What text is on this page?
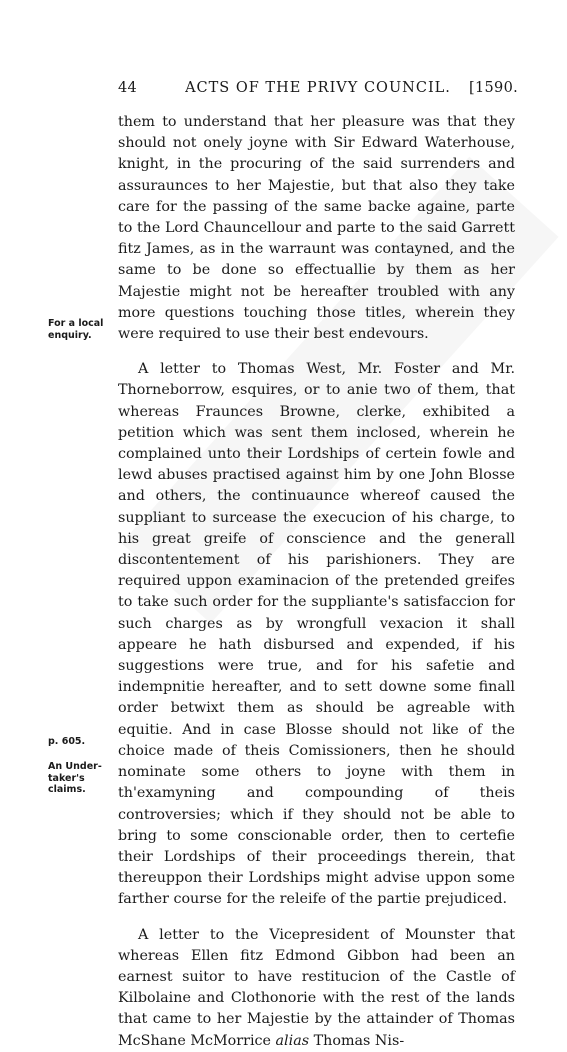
44	ACTS OF THE PRIVY COUNCIL.	[1590.
For a local
enquiry.
p. 605.
An Under-
taker's claims.

them to understand that her pleasure was that they should not onely joyne with Sir Edward Waterhouse, knight, in the procuring of the said surrenders and assuraunces to her Majestie, but that also they take care for the passing of the same backe againe, parte to the Lord Chauncellour and parte to the said Garrett fitz James, as in the warraunt was contayned, and the same to be done so effectuallie by them as her Majestie might not be hereafter troubled with any more questions touching those titles, wherein they were required to use their best endevours.

A letter to Thomas West, Mr. Foster and Mr. Thorneborrow, esquires, or to anie two of them, that whereas Fraunces Browne, clerke, exhibited a petition which was sent them inclosed, wherein he complained unto their Lordships of certein fowle and lewd abuses practised against him by one John Blosse and others, the continuaunce whereof caused the suppliant to surcease the execucion of his charge, to his great greife of conscience and the generall discontentement of his parishioners. They are required uppon examinacion of the pretended greifes to take such order for the suppliante's satisfaccion for such charges as by wrongfull vexacion it shall appeare he hath disbursed and expended, if his suggestions were true, and for his safetie and indempnitie hereafter, and to sett downe some finall order betwixt them as should be agreable with equitie. And in case Blosse should not like of the choice made of theis Comissioners, then he should nominate some others to joyne with them in th'examyning and compounding of theis controversies; which if they should not be able to bring to some conscionable order, then to certefie their Lordships of their proceedings therein, that thereuppon their Lordships might advise uppon some farther course for the releife of the partie prejudiced.

A letter to the Vicepresident of Mounster that whereas Ellen fitz Edmond Gibbon had been an earnest suitor to have restitucion of the Castle of Kilbolaine and Clothonorie with the rest of the lands that came to her Majestie by the attainder of Thomas McShane McMorrice alias Thomas Nis-
